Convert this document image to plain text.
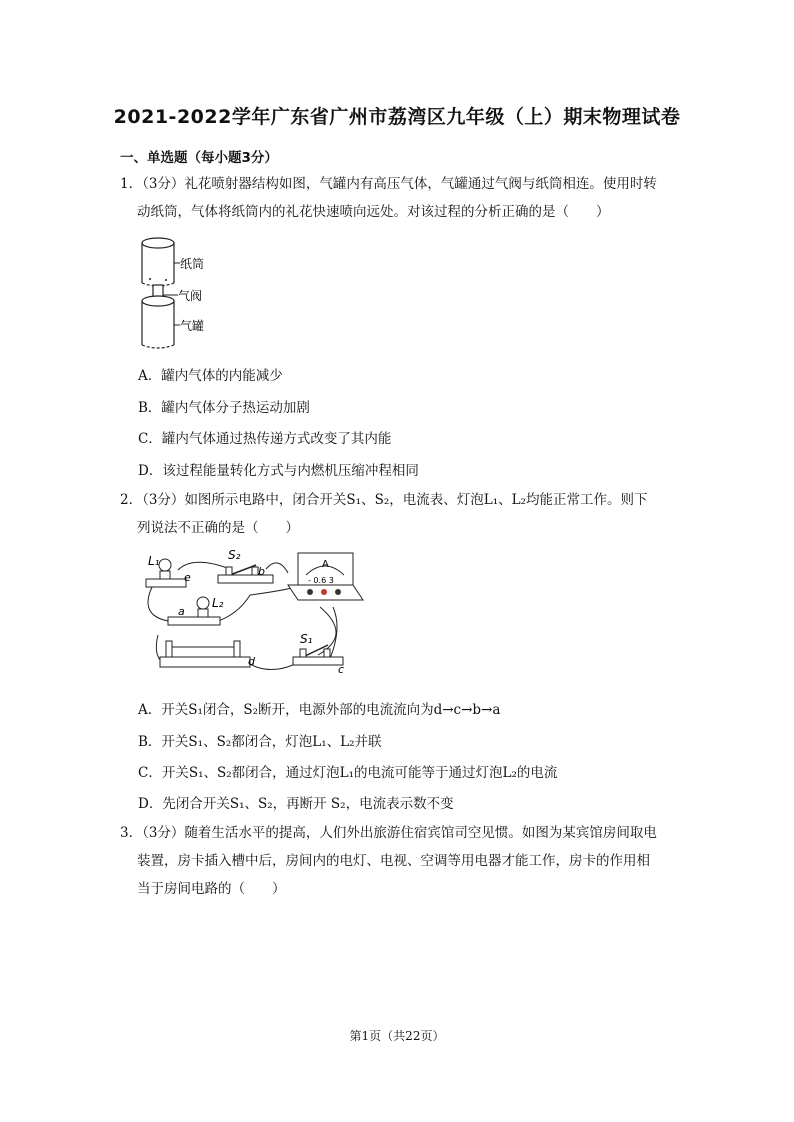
2021-2022学年广东省广州市荔湾区九年级（上）期末物理试卷
一、单选题（每小题3分）
1．（3分）礼花喷射器结构如图，气罐内有高压气体，气罐通过气阀与纸筒相连。使用时转
动纸筒，气体将纸筒内的礼花快速喷向远处。对该过程的分析正确的是（　　）
纸筒
气阀
气罐
A．罐内气体的内能减少
B．罐内气体分子热运动加剧
C．罐内气体通过热传递方式改变了其内能
D．该过程能量转化方式与内燃机压缩冲程相同
2．（3分）如图所示电路中，闭合开关S₁、S₂，电流表、灯泡L₁、L₂均能正常工作。则下
列说法不正确的是（　　）
L₁
e
S₂
b
A
- 0.6 3
a
L₂
d
S₁
c
A．开关S₁闭合，S₂断开，电源外部的电流流向为d→c→b→a
B．开关S₁、S₂都闭合，灯泡L₁、L₂并联
C．开关S₁、S₂都闭合，通过灯泡L₁的电流可能等于通过灯泡L₂的电流
D．先闭合开关S₁、S₂，再断开 S₂，电流表示数不变
3．（3分）随着生活水平的提高，人们外出旅游住宿宾馆司空见惯。如图为某宾馆房间取电
装置，房卡插入槽中后，房间内的电灯、电视、空调等用电器才能工作，房卡的作用相
当于房间电路的（　　）
第1页（共22页）
